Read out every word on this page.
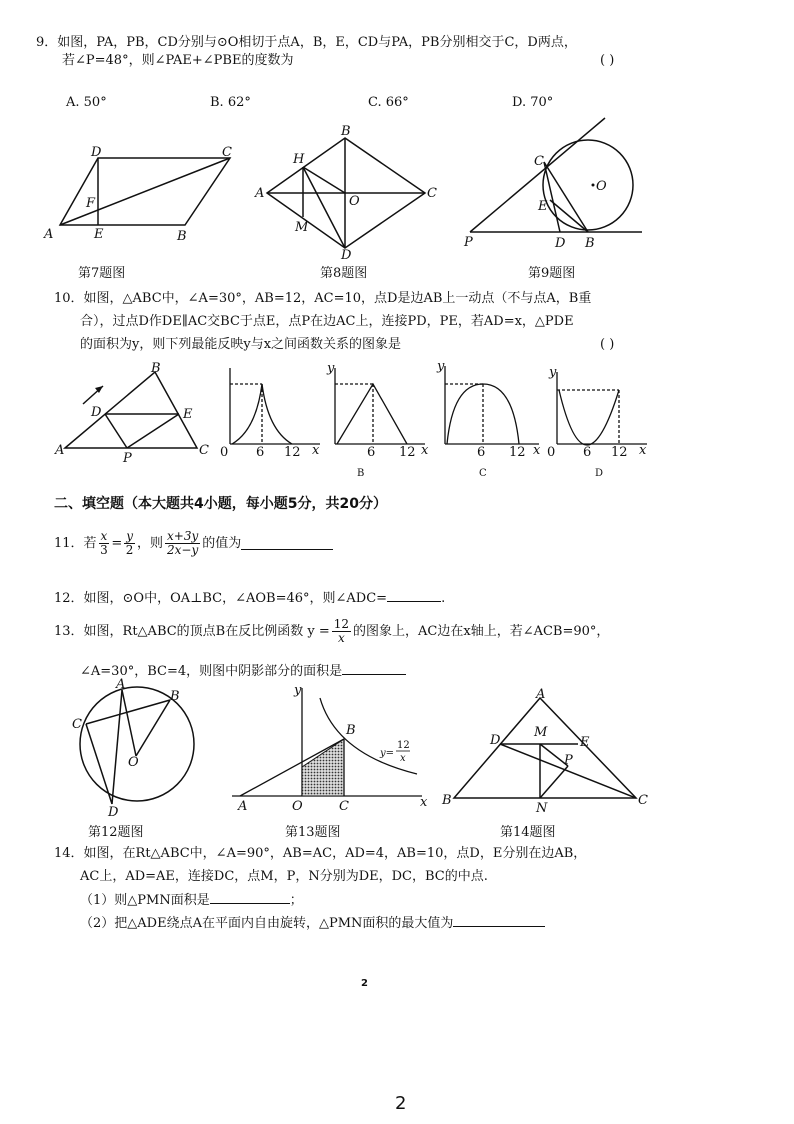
9．如图，PA，PB，CD分别与⊙O相切于点A，B，E，CD与PA，PB分别相交于C，D两点，
若∠P=48°，则∠PAE+∠PBE的度数为	( )
A. 50°	B. 62°	C. 66°	D. 70°
A	E	B
C
D
F
第7题图
B
A	C
D
H
M
O
第8题图
C
E
O
P	D B
第9题图
10．如图，△ABC中，∠A=30°，AB=12，AC=10，点D是边AB上一动点（不与点A，B重
合），过点D作DE∥AC交BC于点E，点P在边AC上，连接PD，PE，若AD=x，△PDE
的面积为y，则下列最能反映y与x之间函数关系的图象是	( )
A
B
C
D	E
P	0 6 12 x
y
6 12 x
B
y
6 12 x
C
y
0 6 12 x
D
二、填空题（本大题共4小题，每小题5分，共20分）
11．若 $\frac{x}{3} = \frac{y}{2}$ ，则 $\frac{x+3y}{2x-y}$ 的值为
12．如图，⊙O中，OA⊥BC，∠AOB=46°，则∠ADC=	.
13．如图，Rt△ABC的顶点B在反比例函数 $y = \frac{12}{x}$ 的图象上，AC边在x轴上，若∠ACB=90°，
∠A=30°，BC=4，则图中阴影部分的面积是
A
B
C
O
D
第12题图
y
x
A	O	C
B
y=
12
x
第13题图
A
B	C
D	E
M
N
P
第14题图
14．如图，在Rt△ABC中，∠A=90°，AB=AC，AD=4，AB=10，点D，E分别在边AB，
AC上，AD=AE，连接DC，点M，P，N分别为DE，DC，BC的中点.
（1）则△PMN面积是	；
（2）把△ADE绕点A在平面内自由旋转，△PMN面积的最大值为
2
2
